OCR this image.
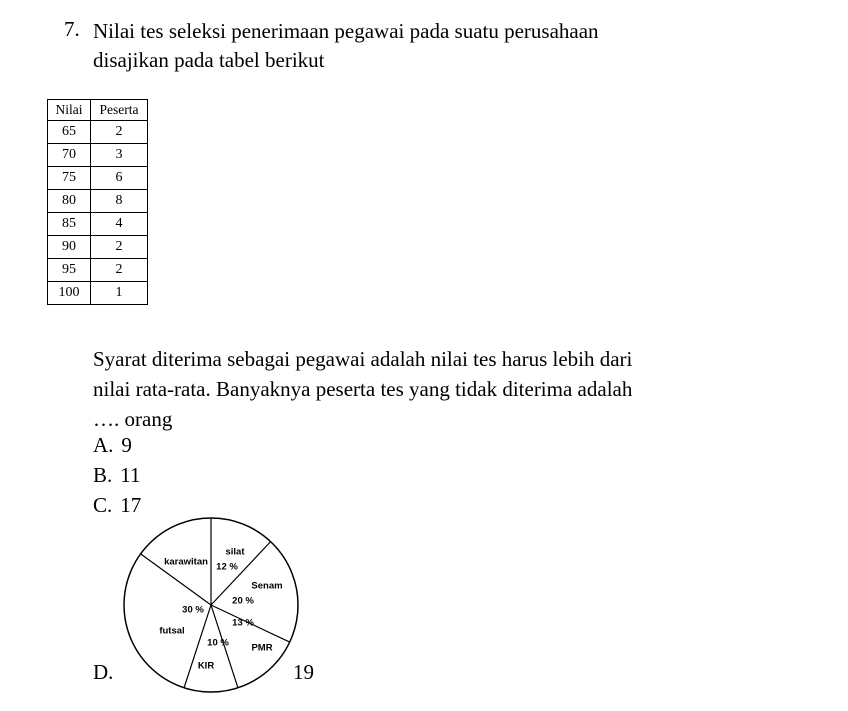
7. Nilai tes seleksi penerimaan pegawai pada suatu perusahaan
disajikan pada tabel berikut
Nilai	Peserta
65	2
70	3
75	6
80	8
85	4
90	2
95	2
100	1
Syarat diterima sebagai pegawai adalah nilai tes harus lebih dari
nilai rata-rata. Banyaknya peserta tes yang tidak diterima adalah
…. orang
A. 9
B. 11
C. 17
silat
12 %
karawitan
Senam
20 %
30 %
13 %
futsal
10 % PMR
KIR
D.	19
